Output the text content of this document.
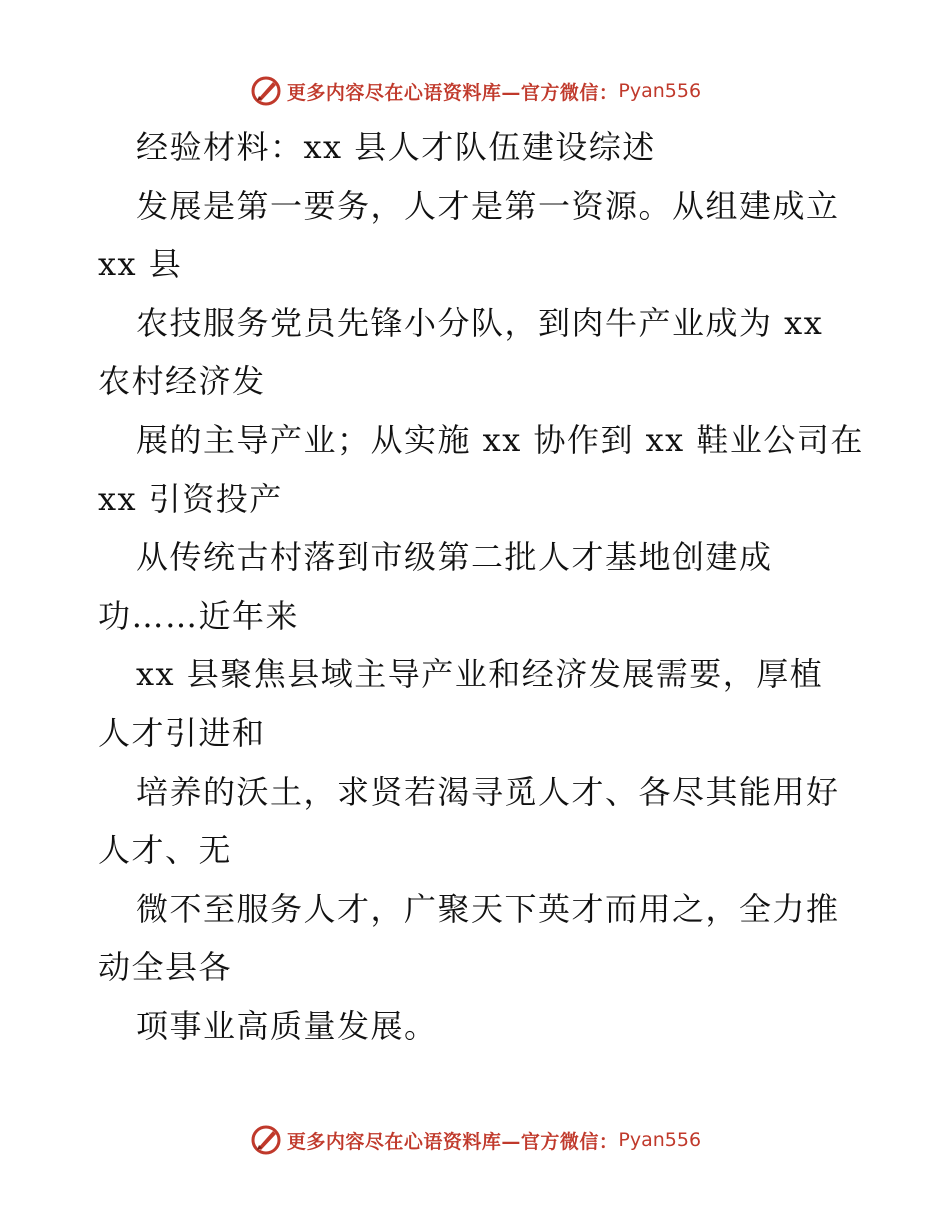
更多内容尽在心语资料库—官方微信： Pyan556
经验材料：xx 县人才队伍建设综述
发展是第一要务，人才是第一资源。从组建成立
xx 县
农技服务党员先锋小分队，到肉牛产业成为 xx
农村经济发
展的主导产业；从实施 xx 协作到 xx 鞋业公司在
xx 引资投产
从传统古村落到市级第二批人才基地创建成
功……近年来
xx 县聚焦县域主导产业和经济发展需要，厚植
人才引进和
培养的沃土，求贤若渴寻觅人才、各尽其能用好
人才、无
微不至服务人才，广聚天下英才而用之，全力推
动全县各
项事业高质量发展。
更多内容尽在心语资料库—官方微信： Pyan556
